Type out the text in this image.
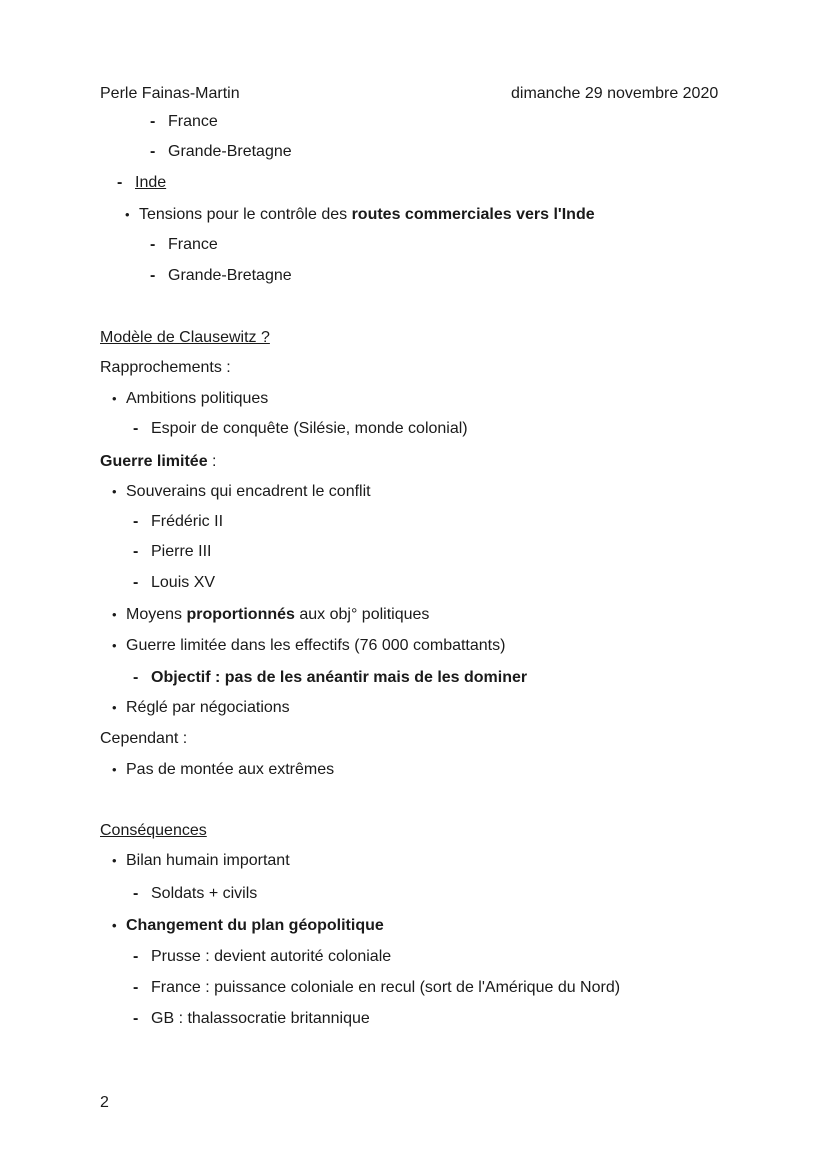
Perle Fainas-Martin	dimanche 29 novembre 2020
- France
- Grande-Bretagne
- Inde
• Tensions pour le contrôle des routes commerciales vers l'Inde
- France
- Grande-Bretagne
Modèle de Clausewitz ?
Rapprochements :
• Ambitions politiques
- Espoir de conquête (Silésie, monde colonial)
Guerre limitée :
• Souverains qui encadrent le conflit
- Frédéric II
- Pierre III
- Louis XV
• Moyens proportionnés aux obj° politiques
• Guerre limitée dans les effectifs (76 000 combattants)
- Objectif : pas de les anéantir mais de les dominer
• Réglé par négociations
Cependant :
• Pas de montée aux extrêmes
Conséquences
• Bilan humain important
- Soldats + civils
• Changement du plan géopolitique
- Prusse : devient autorité coloniale
- France : puissance coloniale en recul (sort de l'Amérique du Nord)
- GB : thalassocratie britannique
2
